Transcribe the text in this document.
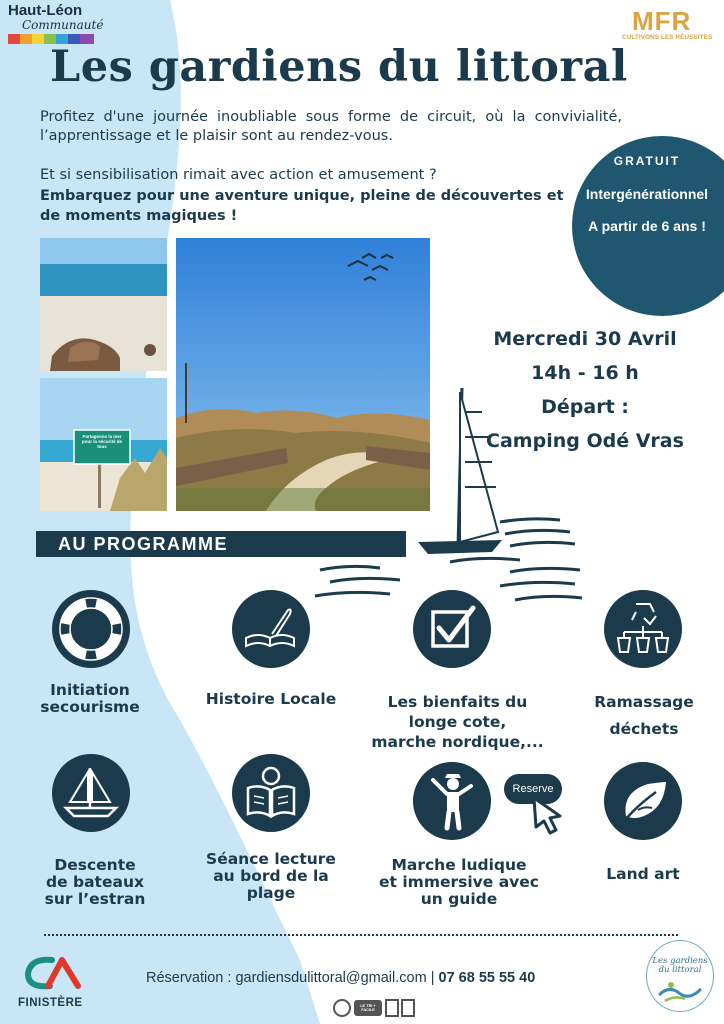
Haut-Léon
Communauté	MFR
CULTIVONS LES RÉUSSITES
Les gardiens du littoral
Profitez d'une journée inoubliable sous forme de circuit, où la convivialité, l’apprentissage et le plaisir sont au rendez-vous.
Et si sensibilisation rimait avec action et amusement ?
Embarquez pour une aventure unique, pleine de découvertes et de moments magiques !
GRATUIT
Intergénérationnel
A partir de 6 ans !
Partageons la mer pour la sécurité de tous
Mercredi 30 Avril
14h - 16 h
Départ :
Camping Odé Vras
AU PROGRAMME
Initiation
secourisme	Histoire Locale	Les bienfaits du
longe cote,
marche nordique,...
Ramassage
déchets
Descente
de bateaux
sur l’estran
Séance lecture
au bord de la
plage
Reserve
Marche ludique
et immersive avec
un guide
Land art
FINISTÈRE
Réservation : gardiensdulittoral@gmail.com | 07 68 55 55 40
LE TRI + FACILE
Les gardiens
du littoral
